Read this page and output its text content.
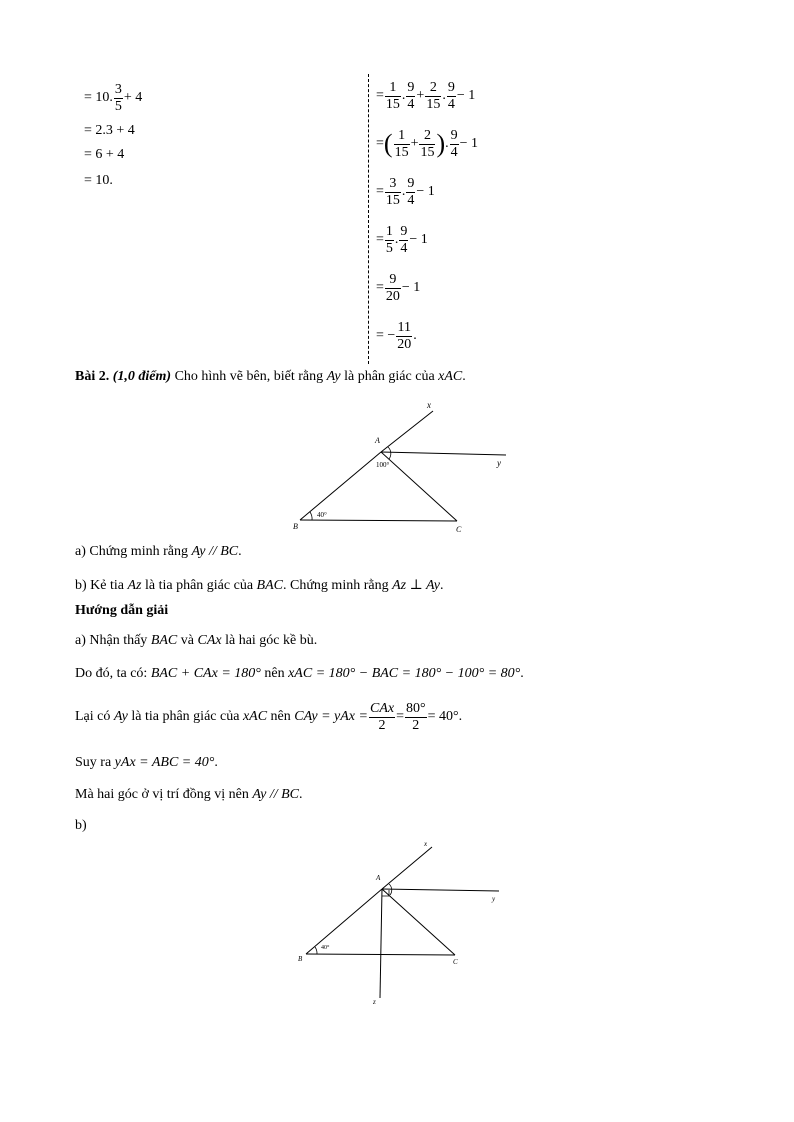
= 10. $\frac{3}{5} + 4$
= 2.3 + 4
= 6 + 4
= 10.
= $\frac{1}{15}$ . $\frac{9}{4} + \frac{2}{15}$ . $\frac{9}{4} - 1$
= ( $\frac{1}{15} + \frac{2}{15}$ ) . $\frac{9}{4} - 1$
= $\frac{3}{15}$ . $\frac{9}{4} - 1$
= $\frac{1}{5}$ . $\frac{9}{4} - 1$
= $\frac{9}{20} - 1$
= − $\frac{11}{20}$ .
Bài 2. (1,0 điểm) Cho hình vẽ bên, biết rằng Ay là phân giác của xAC.
x
y
A
B	C
100°
40°
a) Chứng minh rằng Ay // BC.
b) Kẻ tia Az là tia phân giác của BAC. Chứng minh rằng Az ⊥ Ay.
Hướng dẫn giải
a) Nhận thấy BAC và CAx là hai góc kề bù.
Do đó, ta có: BAC + CAx = 180° nên xAC = 180° − BAC = 180° − 100° = 80°.
Lại có
Ay
là tia phân giác của
xAC
nên
CAy = yAx = $\frac{\text{CAx}}{2} = \frac{80^\circ}{2} = 40^\circ$ .
Suy ra yAx = ABC = 40°.
Mà hai góc ở vị trí đồng vị nên Ay // BC.
b)
x
y
z
A
B	C
40°
